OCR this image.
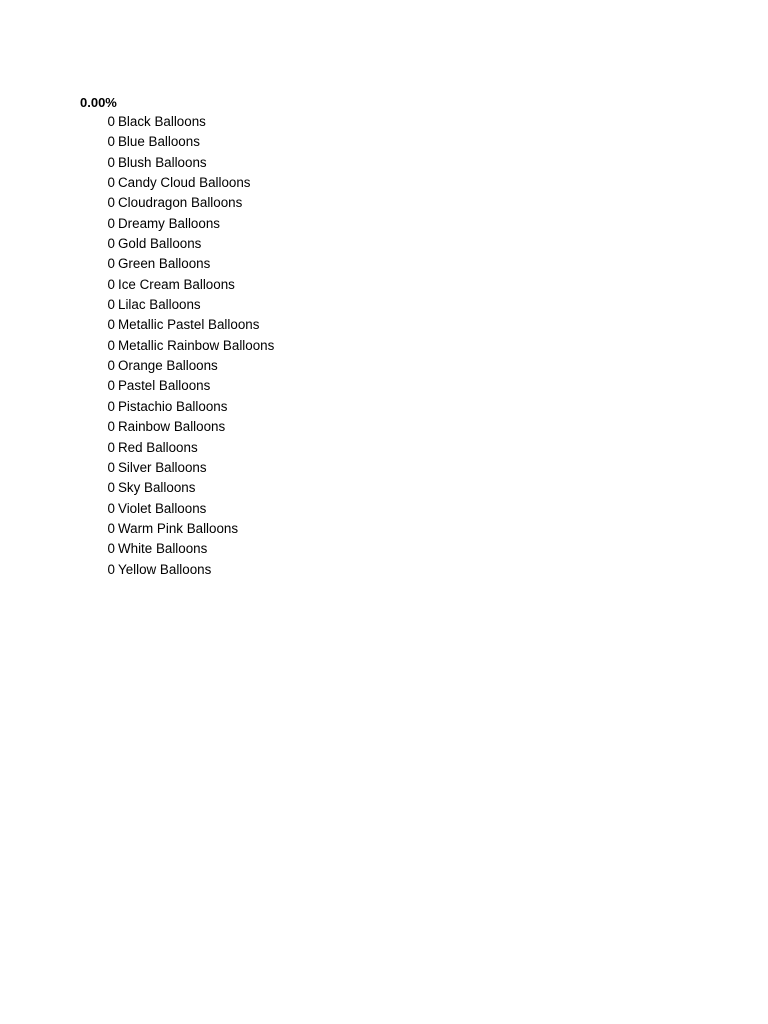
0.00%

0 Black Balloons
0 Blue Balloons
0 Blush Balloons
0 Candy Cloud Balloons
0 Cloudragon Balloons
0 Dreamy Balloons
0 Gold Balloons
0 Green Balloons
0 Ice Cream Balloons
0 Lilac Balloons
0 Metallic Pastel Balloons
0 Metallic Rainbow Balloons
0 Orange Balloons
0 Pastel Balloons
0 Pistachio Balloons
0 Rainbow Balloons
0 Red Balloons
0 Silver Balloons
0 Sky Balloons
0 Violet Balloons
0 Warm Pink Balloons
0 White Balloons
0 Yellow Balloons
